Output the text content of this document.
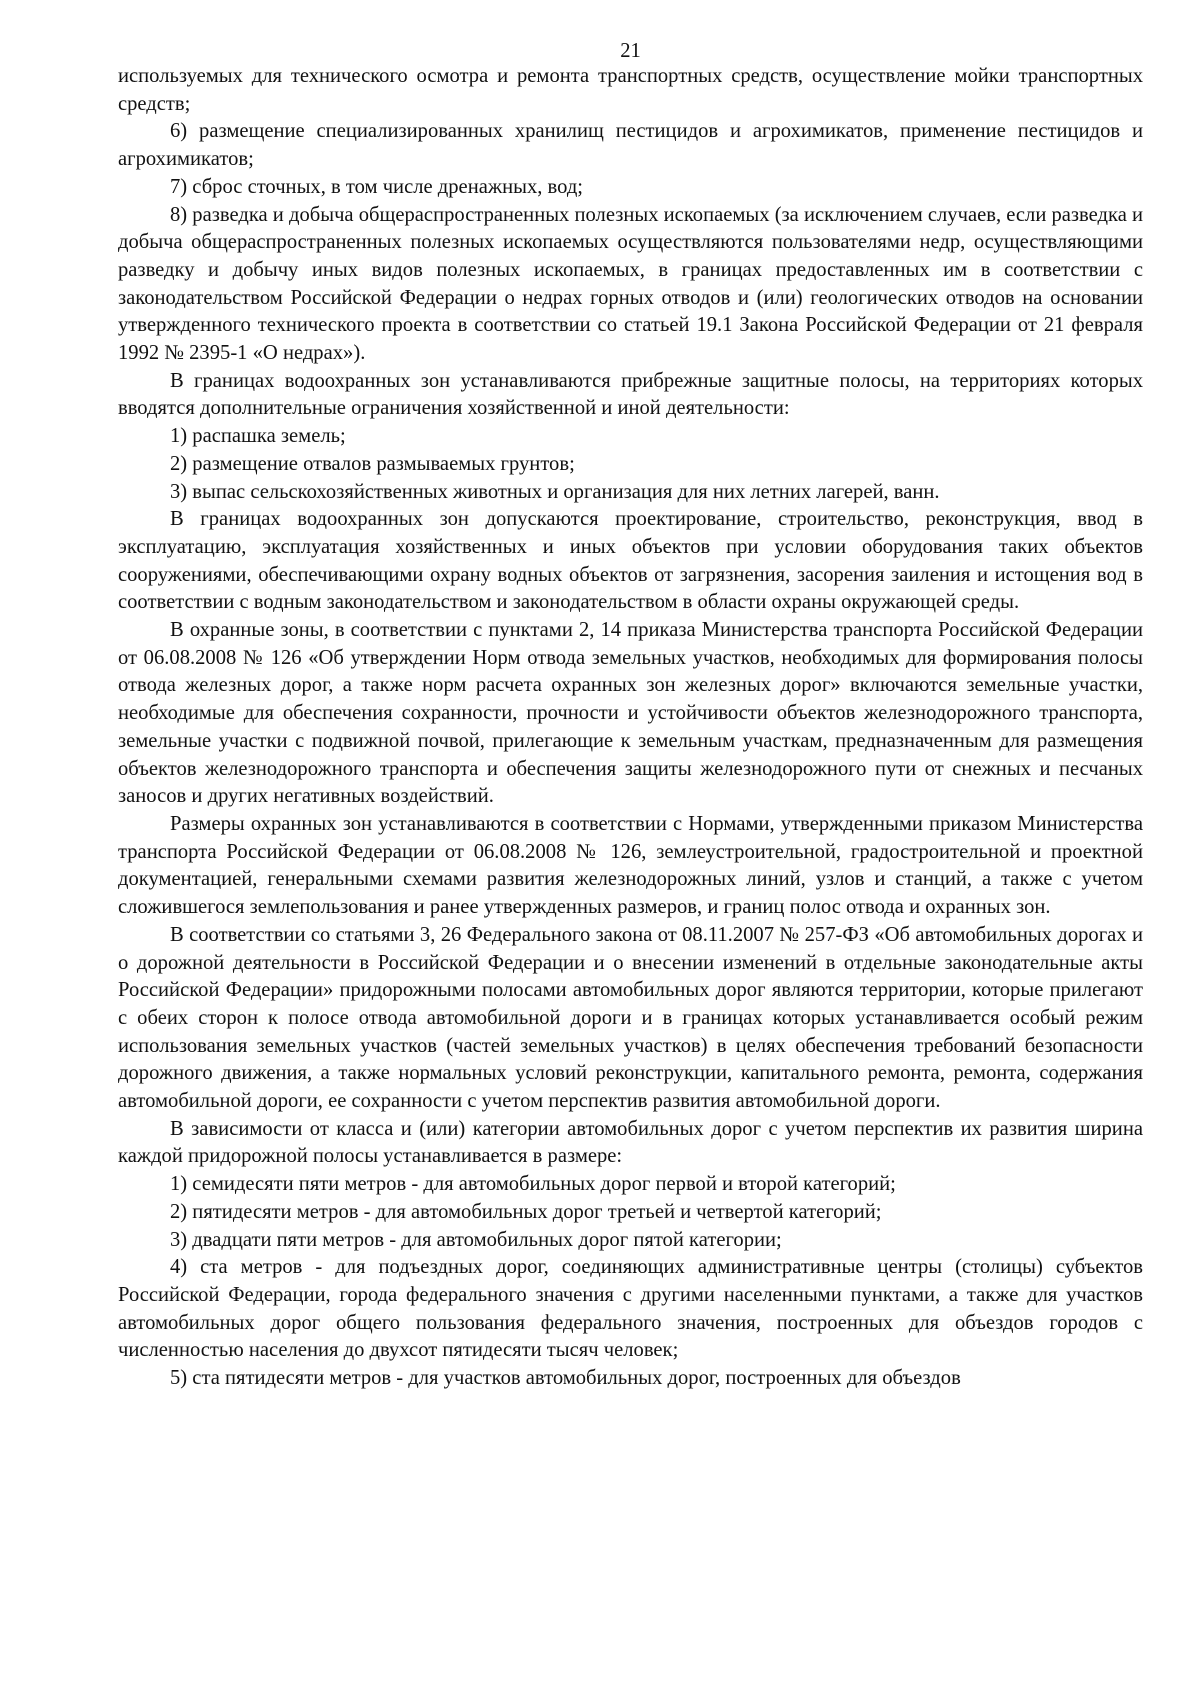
21

используемых для технического осмотра и ремонта транспортных средств, осуществление мойки транспортных средств;

6) размещение специализированных хранилищ пестицидов и агрохимикатов, применение пестицидов и агрохимикатов;

7) сброс сточных, в том числе дренажных, вод;

8) разведка и добыча общераспространенных полезных ископаемых (за исключением случаев, если разведка и добыча общераспространенных полезных ископаемых осуществляются пользователями недр, осуществляющими разведку и добычу иных видов полезных ископаемых, в границах предоставленных им в соответствии с законодательством Российской Федерации о недрах горных отводов и (или) геологических отводов на основании утвержденного технического проекта в соответствии со статьей 19.1 Закона Российской Федерации от 21 февраля 1992 № 2395-1 «О недрах»).

В границах водоохранных зон устанавливаются прибрежные защитные полосы, на территориях которых вводятся дополнительные ограничения хозяйственной и иной деятельности:

1) распашка земель;

2) размещение отвалов размываемых грунтов;

3) выпас сельскохозяйственных животных и организация для них летних лагерей, ванн.

В границах водоохранных зон допускаются проектирование, строительство, реконструкция, ввод в эксплуатацию, эксплуатация хозяйственных и иных объектов при условии оборудования таких объектов сооружениями, обеспечивающими охрану водных объектов от загрязнения, засорения заиления и истощения вод в соответствии с водным законодательством и законодательством в области охраны окружающей среды.

В охранные зоны, в соответствии с пунктами 2, 14 приказа Министерства транспорта Российской Федерации от 06.08.2008 № 126 «Об утверждении Норм отвода земельных участков, необходимых для формирования полосы отвода железных дорог, а также норм расчета охранных зон железных дорог» включаются земельные участки, необходимые для обеспечения сохранности, прочности и устойчивости объектов железнодорожного транспорта, земельные участки с подвижной почвой, прилегающие к земельным участкам, предназначенным для размещения объектов железнодорожного транспорта и обеспечения защиты железнодорожного пути от снежных и песчаных заносов и других негативных воздействий.

Размеры охранных зон устанавливаются в соответствии с Нормами, утвержденными приказом Министерства транспорта Российской Федерации от 06.08.2008 № 126, землеустроительной, градостроительной и проектной документацией, генеральными схемами развития железнодорожных линий, узлов и станций, а также с учетом сложившегося землепользования и ранее утвержденных размеров, и границ полос отвода и охранных зон.

В соответствии со статьями 3, 26 Федерального закона от 08.11.2007 № 257-ФЗ «Об автомобильных дорогах и о дорожной деятельности в Российской Федерации и о внесении изменений в отдельные законодательные акты Российской Федерации» придорожными полосами автомобильных дорог являются территории, которые прилегают с обеих сторон к полосе отвода автомобильной дороги и в границах которых устанавливается особый режим использования земельных участков (частей земельных участков) в целях обеспечения требований безопасности дорожного движения, а также нормальных условий реконструкции, капитального ремонта, ремонта, содержания автомобильной дороги, ее сохранности с учетом перспектив развития автомобильной дороги.

В зависимости от класса и (или) категории автомобильных дорог с учетом перспектив их развития ширина каждой придорожной полосы устанавливается в размере:

1) семидесяти пяти метров - для автомобильных дорог первой и второй категорий;

2) пятидесяти метров - для автомобильных дорог третьей и четвертой категорий;

3) двадцати пяти метров - для автомобильных дорог пятой категории;

4) ста метров - для подъездных дорог, соединяющих административные центры (столицы) субъектов Российской Федерации, города федерального значения с другими населенными пунктами, а также для участков автомобильных дорог общего пользования федерального значения, построенных для объездов городов с численностью населения до двухсот пятидесяти тысяч человек;

5) ста пятидесяти метров - для участков автомобильных дорог, построенных для объездов
